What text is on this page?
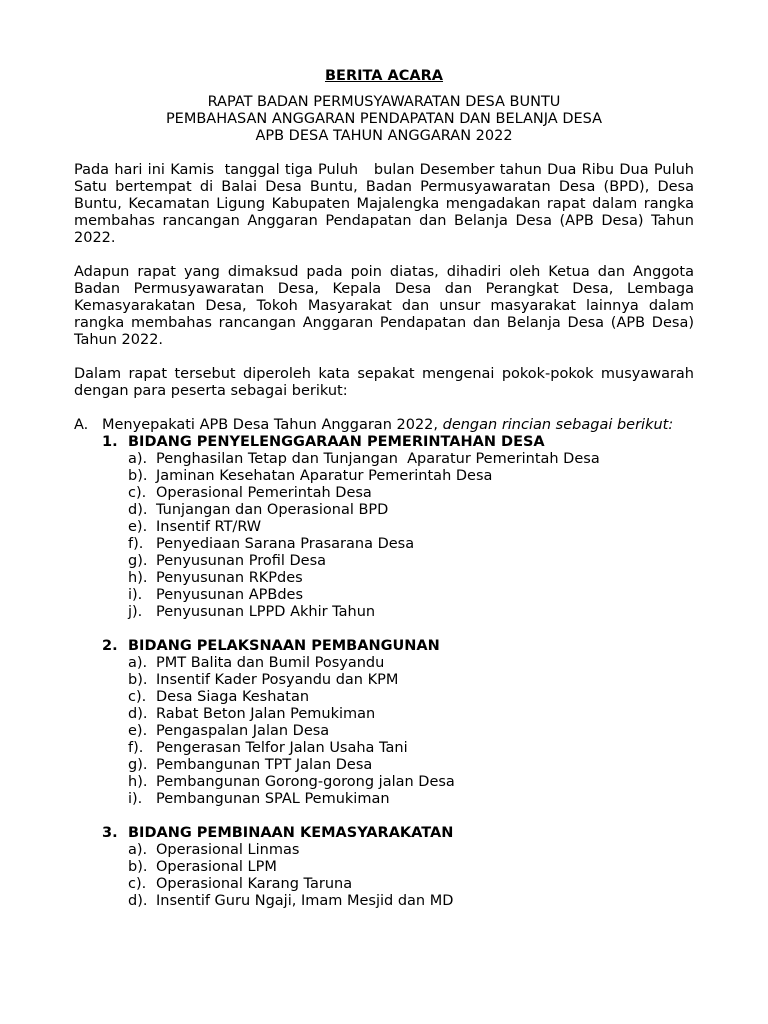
BERITA ACARA
RAPAT BADAN PERMUSYAWARATAN DESA BUNTU
PEMBAHASAN ANGGARAN PENDAPATAN DAN BELANJA DESA
APB DESA TAHUN ANGGARAN 2022

Pada hari ini Kamis  tanggal tiga Puluh   bulan Desember tahun Dua Ribu Dua Puluh Satu bertempat di Balai Desa Buntu, Badan Permusyawaratan Desa (BPD), Desa Buntu, Kecamatan Ligung Kabupaten Majalengka mengadakan rapat dalam rangka membahas rancangan Anggaran Pendapatan dan Belanja Desa (APB Desa) Tahun 2022.

Adapun rapat yang dimaksud pada poin diatas, dihadiri oleh Ketua dan Anggota Badan Permusyawaratan Desa, Kepala Desa dan Perangkat Desa, Lembaga Kemasyarakatan Desa, Tokoh Masyarakat dan unsur masyarakat lainnya dalam rangka membahas rancangan Anggaran Pendapatan dan Belanja Desa (APB Desa) Tahun 2022.

Dalam rapat tersebut diperoleh kata sepakat mengenai pokok-pokok musyawarah dengan para peserta sebagai berikut:

A. Menyepakati APB Desa Tahun Anggaran 2022, dengan rincian sebagai berikut:
1. BIDANG PENYELENGGARAAN PEMERINTAHAN DESA
a). Penghasilan Tetap dan Tunjangan  Aparatur Pemerintah Desa
b). Jaminan Kesehatan Aparatur Pemerintah Desa
c). Operasional Pemerintah Desa
d). Tunjangan dan Operasional BPD
e). Insentif RT/RW
f). Penyediaan Sarana Prasarana Desa
g). Penyusunan Profil Desa
h). Penyusunan RKPdes
i). Penyusunan APBdes
j). Penyusunan LPPD Akhir Tahun
2. BIDANG PELAKSNAAN PEMBANGUNAN
a). PMT Balita dan Bumil Posyandu
b). Insentif Kader Posyandu dan KPM
c). Desa Siaga Keshatan
d). Rabat Beton Jalan Pemukiman
e). Pengaspalan Jalan Desa
f). Pengerasan Telfor Jalan Usaha Tani
g). Pembangunan TPT Jalan Desa
h). Pembangunan Gorong-gorong jalan Desa
i). Pembangunan SPAL Pemukiman
3. BIDANG PEMBINAAN KEMASYARAKATAN
a). Operasional Linmas
b). Operasional LPM
c). Operasional Karang Taruna
d). Insentif Guru Ngaji, Imam Mesjid dan MD
